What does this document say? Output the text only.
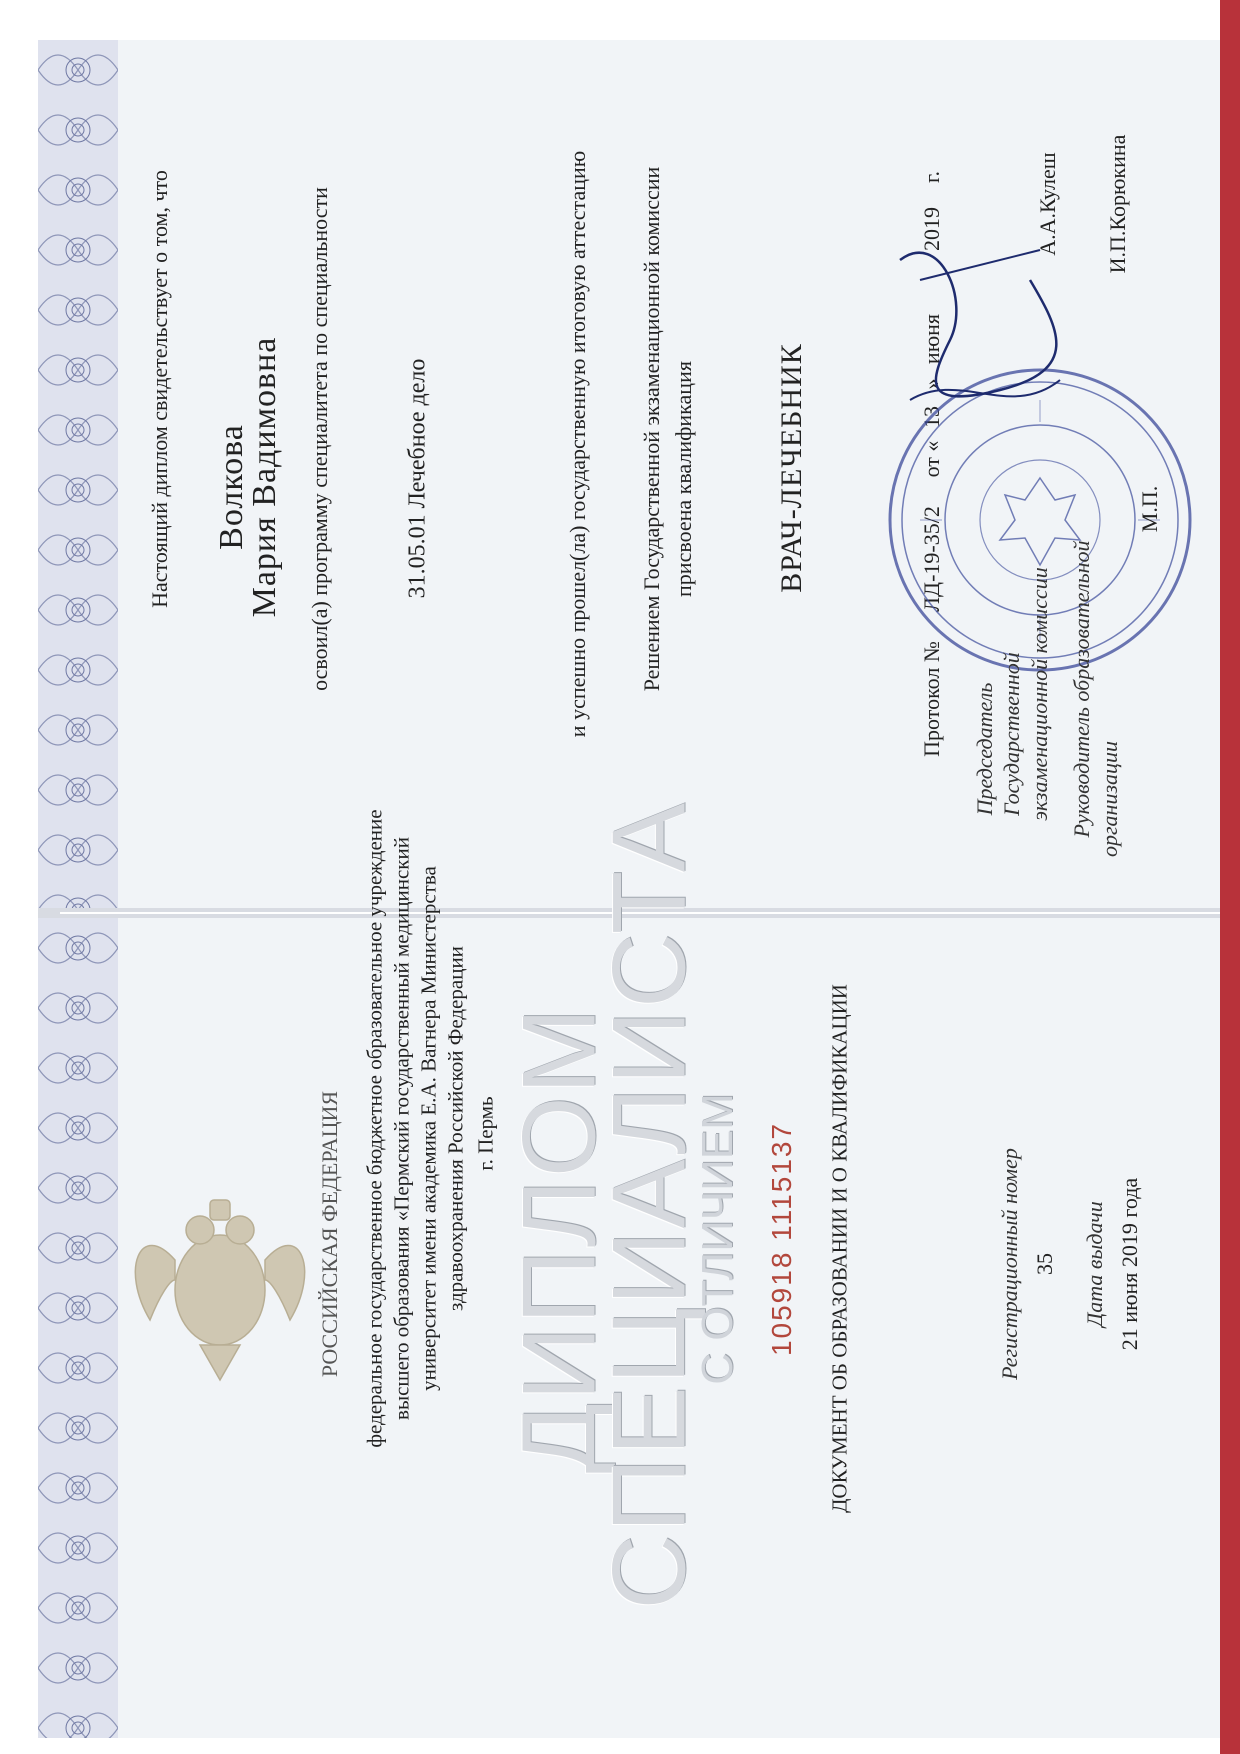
Настоящий диплом свидетельствует о том, что Волкова
Мария Вадимовна освоил(а) программу специалитета по специальности	31.05.01 Лечебное дело	и успешно прошел(ла) государственную итоговую аттестацию Решением Государственной экзаменационной комиссии присвоена квалификация	ВРАЧ-ЛЕЧЕБНИК
Протокол №
ЛД-19-35/2
от «
13
»
июня
2019
г.
Председатель Государственной экзаменационной комиссии
А.А.Кулеш
Руководитель образовательной организации
И.П.Корюкина
М.П.
РОССИЙСКАЯ ФЕДЕРАЦИЯ федеральное государственное бюджетное образовательное учреждение высшего образования «Пермский государственный медицинский университет имени академика Е.А. Вагнера Министерства здравоохранения Российской Федерации г. Пермь ДИПЛОМ
СПЕЦИАЛИСТА
С ОТЛИЧИЕМ 105918 1115137 ДОКУМЕНТ ОБ ОБРАЗОВАНИИ И О КВАЛИФИКАЦИИ	Регистрационный номер 35 Дата выдачи 21 июня 2019 года
